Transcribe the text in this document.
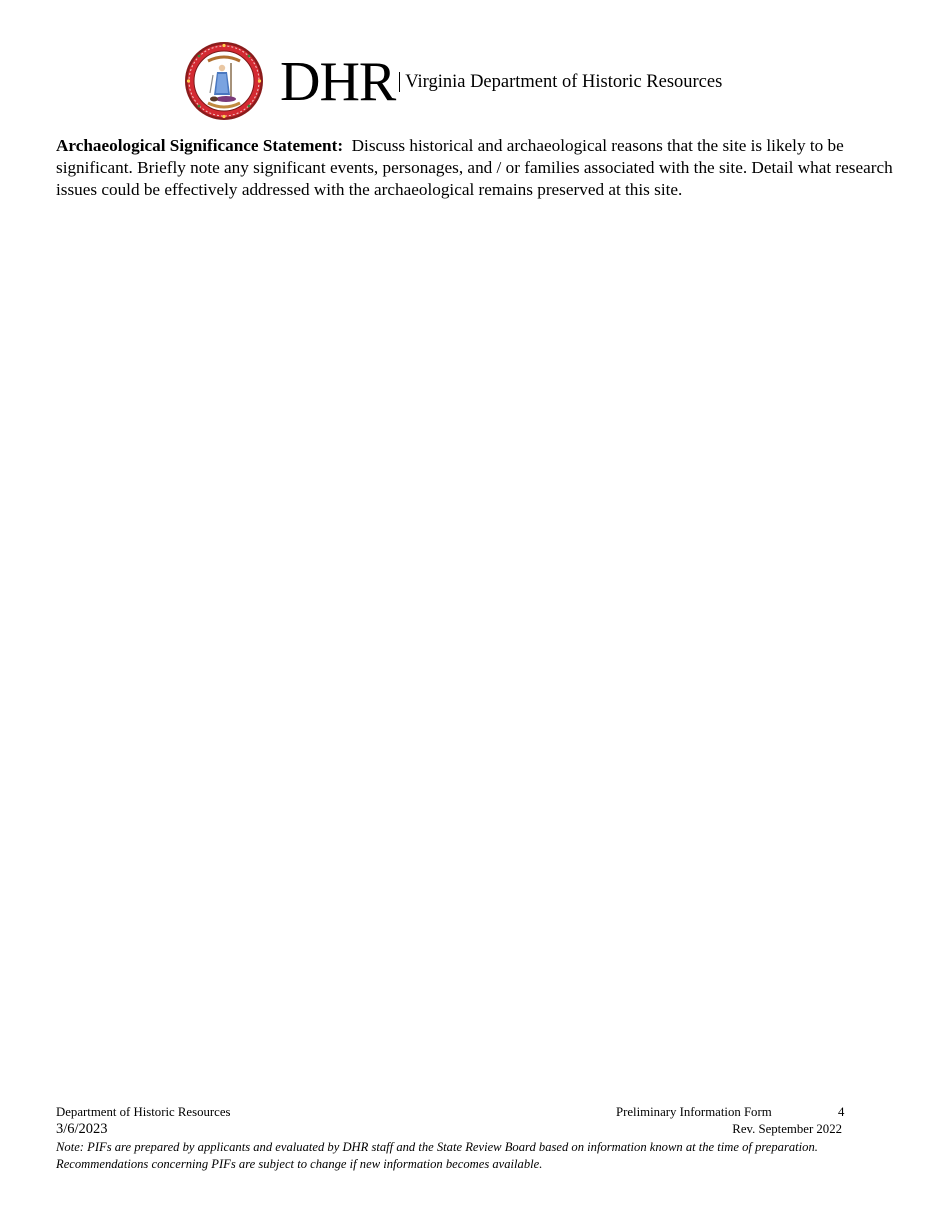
DHR Virginia Department of Historic Resources

Archaeological Significance Statement: Discuss historical and archaeological reasons that the site is likely to be significant. Briefly note any significant events, personages, and / or families associated with the site. Detail what research issues could be effectively addressed with the archaeological remains preserved at this site.

Department of Historic Resources	Preliminary Information Form	4
3/6/2023	Rev. September 2022
Note: PIFs are prepared by applicants and evaluated by DHR staff and the State Review Board based on information known at the time of preparation.
Recommendations concerning PIFs are subject to change if new information becomes available.
